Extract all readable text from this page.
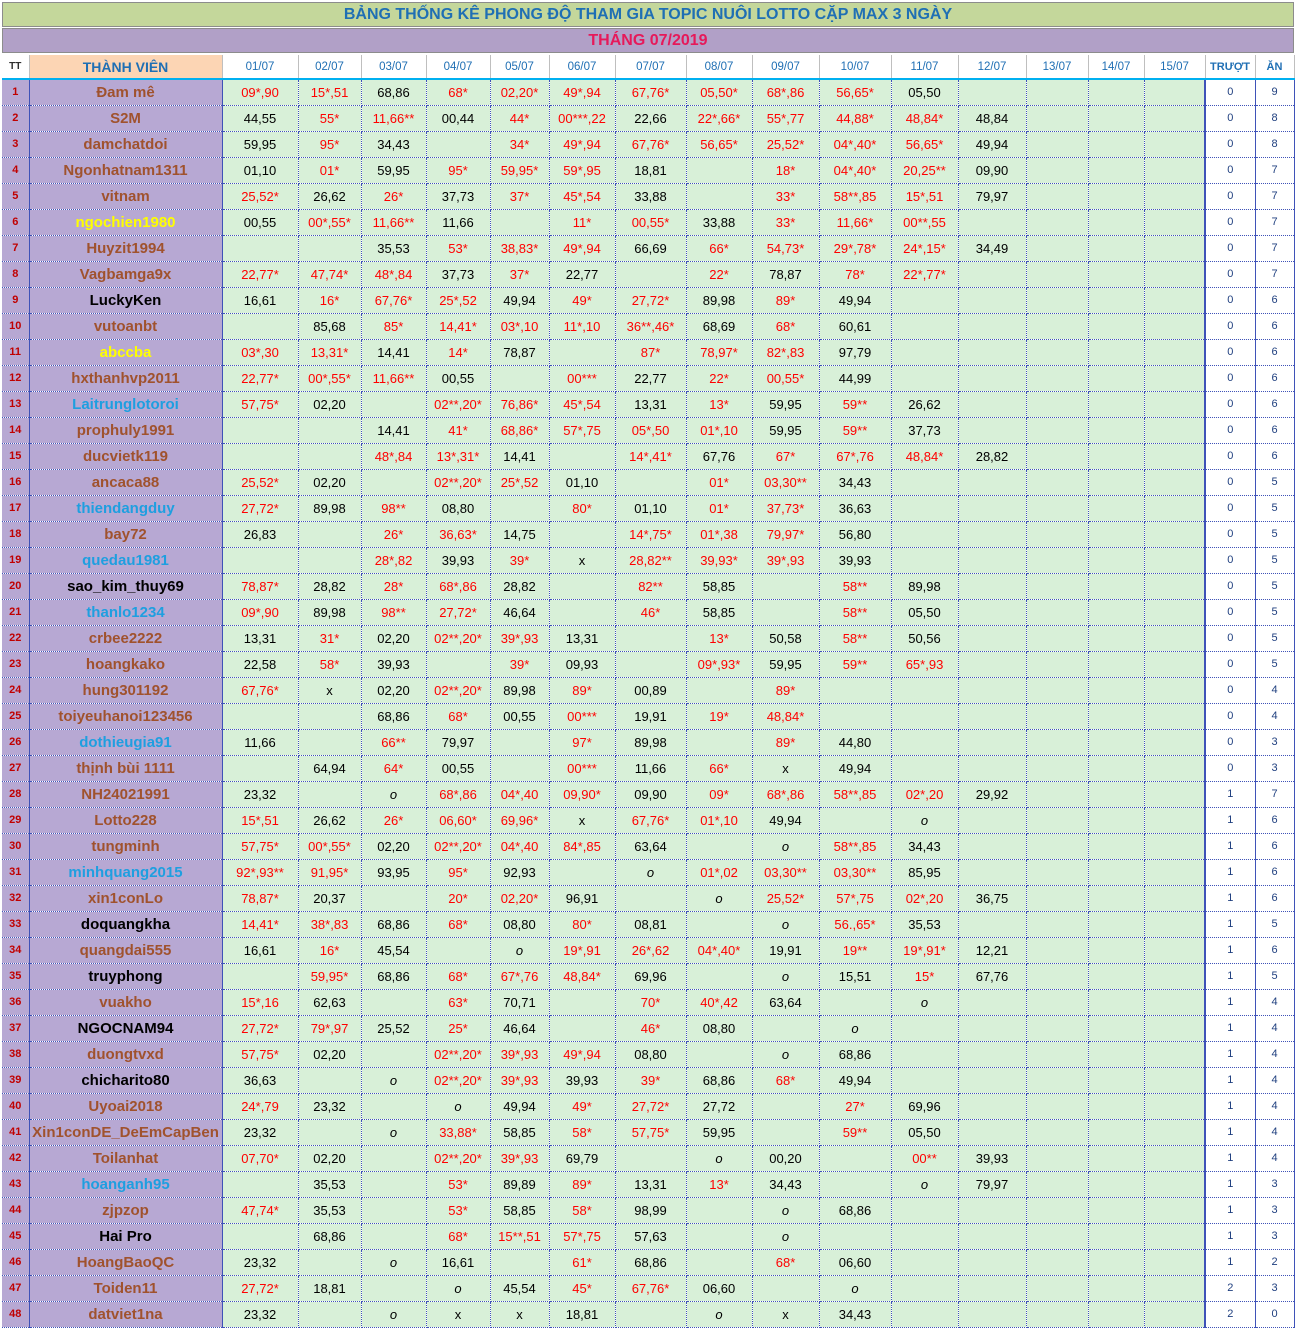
BẢNG THỐNG KÊ PHONG ĐỘ THAM GIA TOPIC NUÔI LOTTO CẶP MAX 3 NGÀY
THÁNG 07/2019
TT	THÀNH VIÊN	01/07	02/07	03/07	04/07	05/07	06/07	07/07	08/07	09/07	10/07	11/07	12/07	13/07	14/07	15/07	TRƯỢT	ĂN
1	Đam mê	09*,90	15*,51	68,86	68*	02,20*	49*,94	67,76*	05,50*	68*,86	56,65*	05,50					0	9
2	S2M	44,55	55*	11,66**	00,44	44*	00***,22	22,66	22*,66*	55*,77	44,88*	48,84*	48,84				0	8
3	damchatdoi	59,95	95*	34,43		34*	49*,94	67,76*	56,65*	25,52*	04*,40*	56,65*	49,94				0	8
4	Ngonhatnam1311	01,10	01*	59,95	95*	59,95*	59*,95	18,81		18*	04*,40*	20,25**	09,90				0	7
5	vitnam	25,52*	26,62	26*	37,73	37*	45*,54	33,88		33*	58**,85	15*,51	79,97				0	7
6	ngochien1980	00,55	00*,55*	11,66**	11,66		11*	00,55*	33,88	33*	11,66*	00**,55					0	7
7	Huyzit1994			35,53	53*	38,83*	49*,94	66,69	66*	54,73*	29*,78*	24*,15*	34,49				0	7
8	Vagbamga9x	22,77*	47,74*	48*,84	37,73	37*	22,77		22*	78,87	78*	22*,77*					0	7
9	LuckyKen	16,61	16*	67,76*	25*,52	49,94	49*	27,72*	89,98	89*	49,94						0	6
10	vutoanbt		85,68	85*	14,41*	03*,10	11*,10	36**,46*	68,69	68*	60,61						0	6
11	abccba	03*,30	13,31*	14,41	14*	78,87		87*	78,97*	82*,83	97,79						0	6
12	hxthanhvp2011	22,77*	00*,55*	11,66**	00,55		00***	22,77	22*	00,55*	44,99						0	6
13	Laitrunglotoroi	57,75*	02,20		02**,20*	76,86*	45*,54	13,31	13*	59,95	59**	26,62					0	6
14	prophuly1991			14,41	41*	68,86*	57*,75	05*,50	01*,10	59,95	59**	37,73					0	6
15	ducvietk119			48*,84	13*,31*	14,41		14*,41*	67,76	67*	67*,76	48,84*	28,82				0	6
16	ancaca88	25,52*	02,20		02**,20*	25*,52	01,10		01*	03,30**	34,43						0	5
17	thiendangduy	27,72*	89,98	98**	08,80		80*	01,10	01*	37,73*	36,63						0	5
18	bay72	26,83		26*	36,63*	14,75		14*,75*	01*,38	79,97*	56,80						0	5
19	quedau1981			28*,82	39,93	39*	x	28,82**	39,93*	39*,93	39,93						0	5
20	sao_kim_thuy69	78,87*	28,82	28*	68*,86	28,82		82**	58,85		58**	89,98					0	5
21	thanlo1234	09*,90	89,98	98**	27,72*	46,64		46*	58,85		58**	05,50					0	5
22	crbee2222	13,31	31*	02,20	02**,20*	39*,93	13,31		13*	50,58	58**	50,56					0	5
23	hoangkako	22,58	58*	39,93		39*	09,93		09*,93*	59,95	59**	65*,93					0	5
24	hung301192	67,76*	x	02,20	02**,20*	89,98	89*	00,89		89*							0	4
25	toiyeuhanoi123456			68,86	68*	00,55	00***	19,91	19*	48,84*							0	4
26	dothieugia91	11,66		66**	79,97		97*	89,98		89*	44,80						0	3
27	thịnh bùi 1111		64,94	64*	00,55		00***	11,66	66*	x	49,94						0	3
28	NH24021991	23,32		o	68*,86	04*,40	09,90*	09,90	09*	68*,86	58**,85	02*,20	29,92				1	7
29	Lotto228	15*,51	26,62	26*	06,60*	69,96*	x	67,76*	01*,10	49,94		o					1	6
30	tungminh	57,75*	00*,55*	02,20	02**,20*	04*,40	84*,85	63,64		o	58**,85	34,43					1	6
31	minhquang2015	92*,93**	91,95*	93,95	95*	92,93		o	01*,02	03,30**	03,30**	85,95					1	6
32	xin1conLo	78,87*	20,37		20*	02,20*	96,91		o	25,52*	57*,75	02*,20	36,75				1	6
33	doquangkha	14,41*	38*,83	68,86	68*	08,80	80*	08,81		o	56.,65*	35,53					1	5
34	quangdai555	16,61	16*	45,54		o	19*,91	26*,62	04*,40*	19,91	19**	19*,91*	12,21				1	6
35	truyphong		59,95*	68,86	68*	67*,76	48,84*	69,96		o	15,51	15*	67,76				1	5
36	vuakho	15*,16	62,63		63*	70,71		70*	40*,42	63,64		o					1	4
37	NGOCNAM94	27,72*	79*,97	25,52	25*	46,64		46*	08,80		o						1	4
38	duongtvxd	57,75*	02,20		02**,20*	39*,93	49*,94	08,80		o	68,86						1	4
39	chicharito80	36,63		o	02**,20*	39*,93	39,93	39*	68,86	68*	49,94						1	4
40	Uyoai2018	24*,79	23,32		o	49,94	49*	27,72*	27,72		27*	69,96					1	4
41	Xin1conDE_DeEmCapBen	23,32		o	33,88*	58,85	58*	57,75*	59,95		59**	05,50					1	4
42	Toilanhat	07,70*	02,20		02**,20*	39*,93	69,79		o	00,20		00**	39,93				1	4
43	hoanganh95		35,53		53*	89,89	89*	13,31	13*	34,43		o	79,97				1	3
44	zjpzop	47,74*	35,53		53*	58,85	58*	98,99		o	68,86						1	3
45	Hai Pro		68,86		68*	15**,51	57*,75	57,63		o							1	3
46	HoangBaoQC	23,32		o	16,61		61*	68,86		68*	06,60						1	2
47	Toiden11	27,72*	18,81		o	45,54	45*	67,76*	06,60		o						2	3
48	datviet1na	23,32		o	x	x	18,81		o	x	34,43						2	0
